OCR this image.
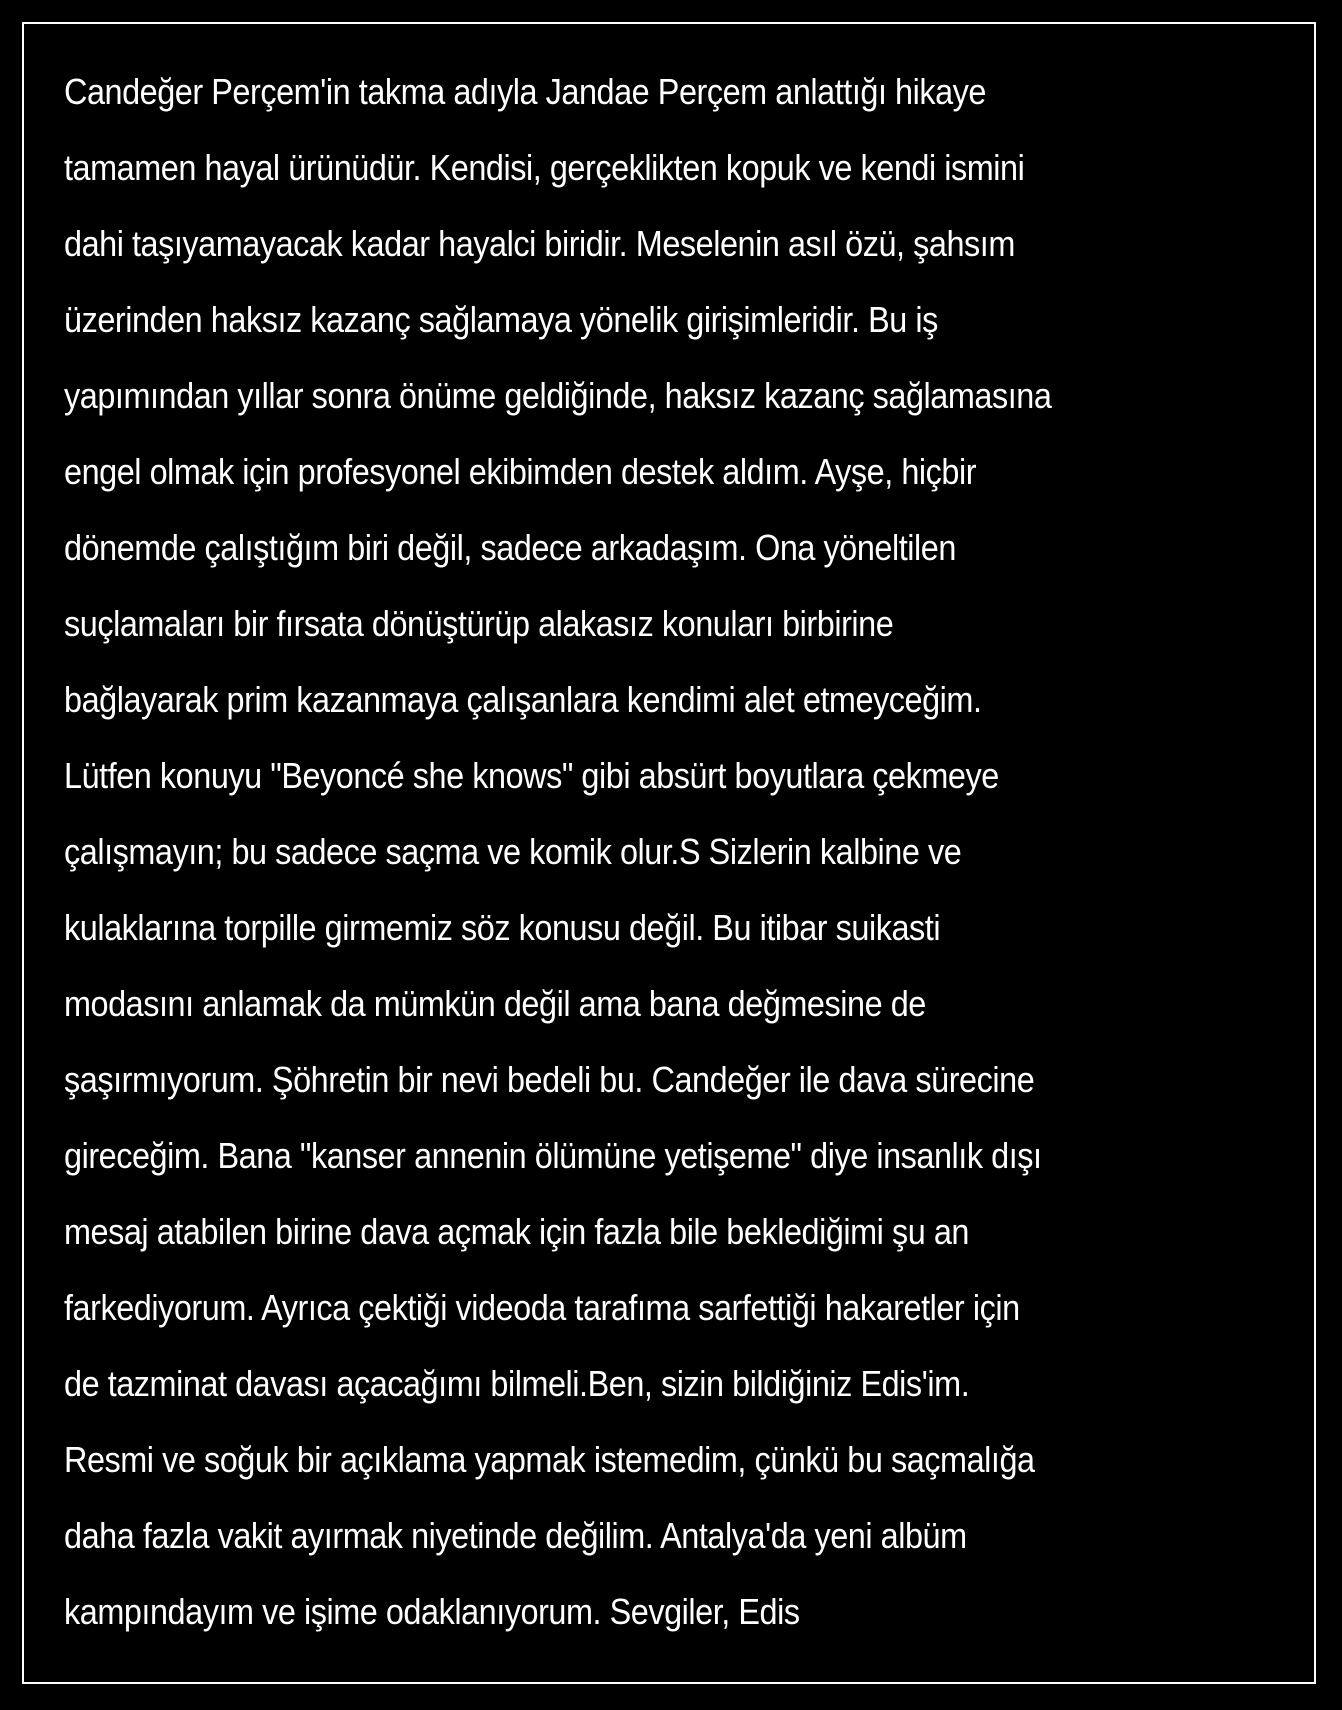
Candeğer Perçem'in takma adıyla Jandae Perçem anlattığı hikaye
tamamen hayal ürünüdür. Kendisi, gerçeklikten kopuk ve kendi ismini
dahi taşıyamayacak kadar hayalci biridir. Meselenin asıl özü, şahsım
üzerinden haksız kazanç sağlamaya yönelik girişimleridir. Bu iş
yapımından yıllar sonra önüme geldiğinde, haksız kazanç sağlamasına
engel olmak için profesyonel ekibimden destek aldım. Ayşe, hiçbir
dönemde çalıştığım biri değil, sadece arkadaşım. Ona yöneltilen
suçlamaları bir fırsata dönüştürüp alakasız konuları birbirine
bağlayarak prim kazanmaya çalışanlara kendimi alet etmeyceğim.
Lütfen konuyu "Beyoncé she knows" gibi absürt boyutlara çekmeye
çalışmayın; bu sadece saçma ve komik olur.S Sizlerin kalbine ve
kulaklarına torpille girmemiz söz konusu değil. Bu itibar suikasti
modasını anlamak da mümkün değil ama bana değmesine de
şaşırmıyorum. Şöhretin bir nevi bedeli bu. Candeğer ile dava sürecine
gireceğim. Bana "kanser annenin ölümüne yetişeme" diye insanlık dışı
mesaj atabilen birine dava açmak için fazla bile beklediğimi şu an
farkediyorum. Ayrıca çektiği videoda tarafıma sarfettiği hakaretler için
de tazminat davası açacağımı bilmeli.Ben, sizin bildiğiniz Edis'im.
Resmi ve soğuk bir açıklama yapmak istemedim, çünkü bu saçmalığa
daha fazla vakit ayırmak niyetinde değilim. Antalya'da yeni albüm
kampındayım ve işime odaklanıyorum. Sevgiler, Edis
